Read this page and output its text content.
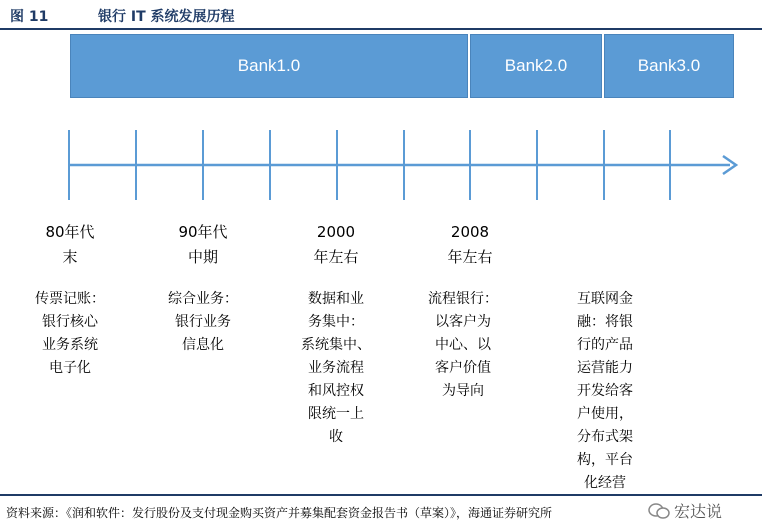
图 11	银行 IT 系统发展历程
Bank1.0	Bank2.0	Bank3.0
80年代
末
90年代
中期
2000
年左右
2008
年左右
传票记账：
银行核心
业务系统
电子化
综合业务：
银行业务
信息化
数据和业
务集中：
系统集中、
业务流程
和风控权
限统一上
收
流程银行：
以客户为
中心、以
客户价值
为导向
互联网金
融：将银
行的产品
运营能力
开发给客
户使用，
分布式架
构，平台
化经营
资料来源：《润和软件：发行股份及支付现金购买资产并募集配套资金报告书（草案）》，海通证券研究所	宏达说
